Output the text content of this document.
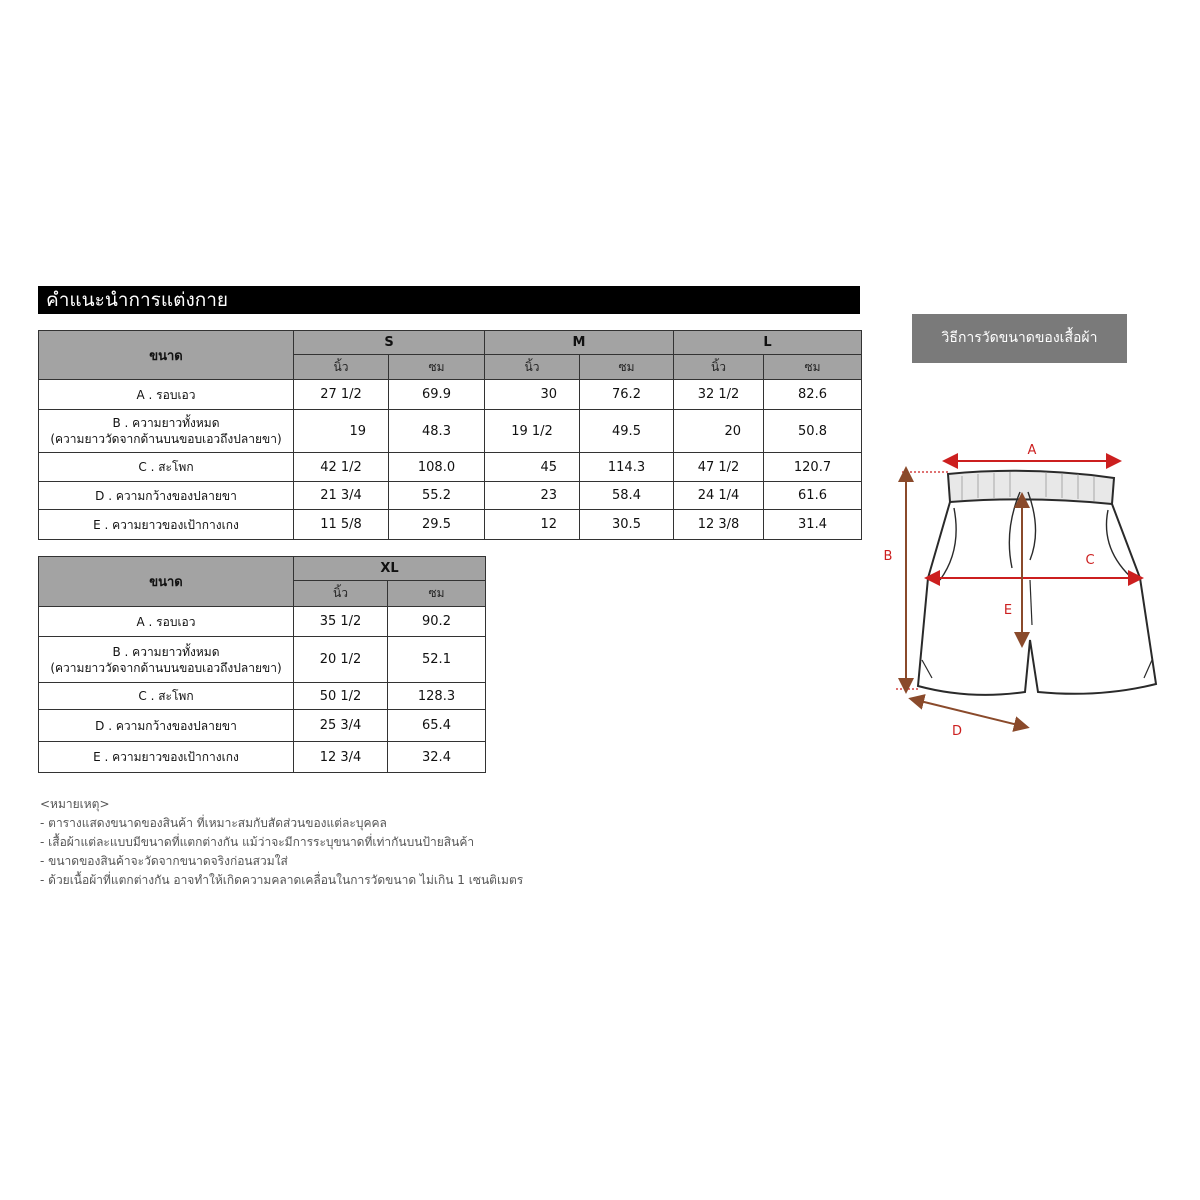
คำแนะนำการแต่งกาย
ขนาด	S		M		L	
	นิ้ว	ซม	นิ้ว	ซม	นิ้ว	ซม
A . รอบเอว	27 1/2	69.9	30	76.2	32 1/2	82.6

B . ความยาวทั้งหมด
(ความยาววัดจากด้านบนขอบเอวถึงปลายขา)	19	48.3	19 1/2	49.5	20	50.8
C . สะโพก	42 1/2	108.0	45	114.3	47 1/2	120.7
D . ความกว้างของปลายขา	21 3/4	55.2	23	58.4	24 1/4	61.6
E . ความยาวของเป้ากางเกง	11 5/8	29.5	12	30.5	12 3/8	31.4
ขนาด	XL	
	นิ้ว	ซม
A . รอบเอว	35 1/2	90.2

B . ความยาวทั้งหมด
(ความยาววัดจากด้านบนขอบเอวถึงปลายขา)	20 1/2	52.1
C . สะโพก	50 1/2	128.3
D . ความกว้างของปลายขา	25 3/4	65.4
E . ความยาวของเป้ากางเกง	12 3/4	32.4
วิธีการวัดขนาดของเสื้อผ้า
A
B	C
E
D
<หมายเหตุ>
- ตารางแสดงขนาดของสินค้า ที่เหมาะสมกับสัดส่วนของแต่ละบุคคล
- เสื้อผ้าแต่ละแบบมีขนาดที่แตกต่างกัน แม้ว่าจะมีการระบุขนาดที่เท่ากันบนป้ายสินค้า
- ขนาดของสินค้าจะวัดจากขนาดจริงก่อนสวมใส่
- ด้วยเนื้อผ้าที่แตกต่างกัน อาจทำให้เกิดความคลาดเคลื่อนในการวัดขนาด ไม่เกิน 1 เซนติเมตร
